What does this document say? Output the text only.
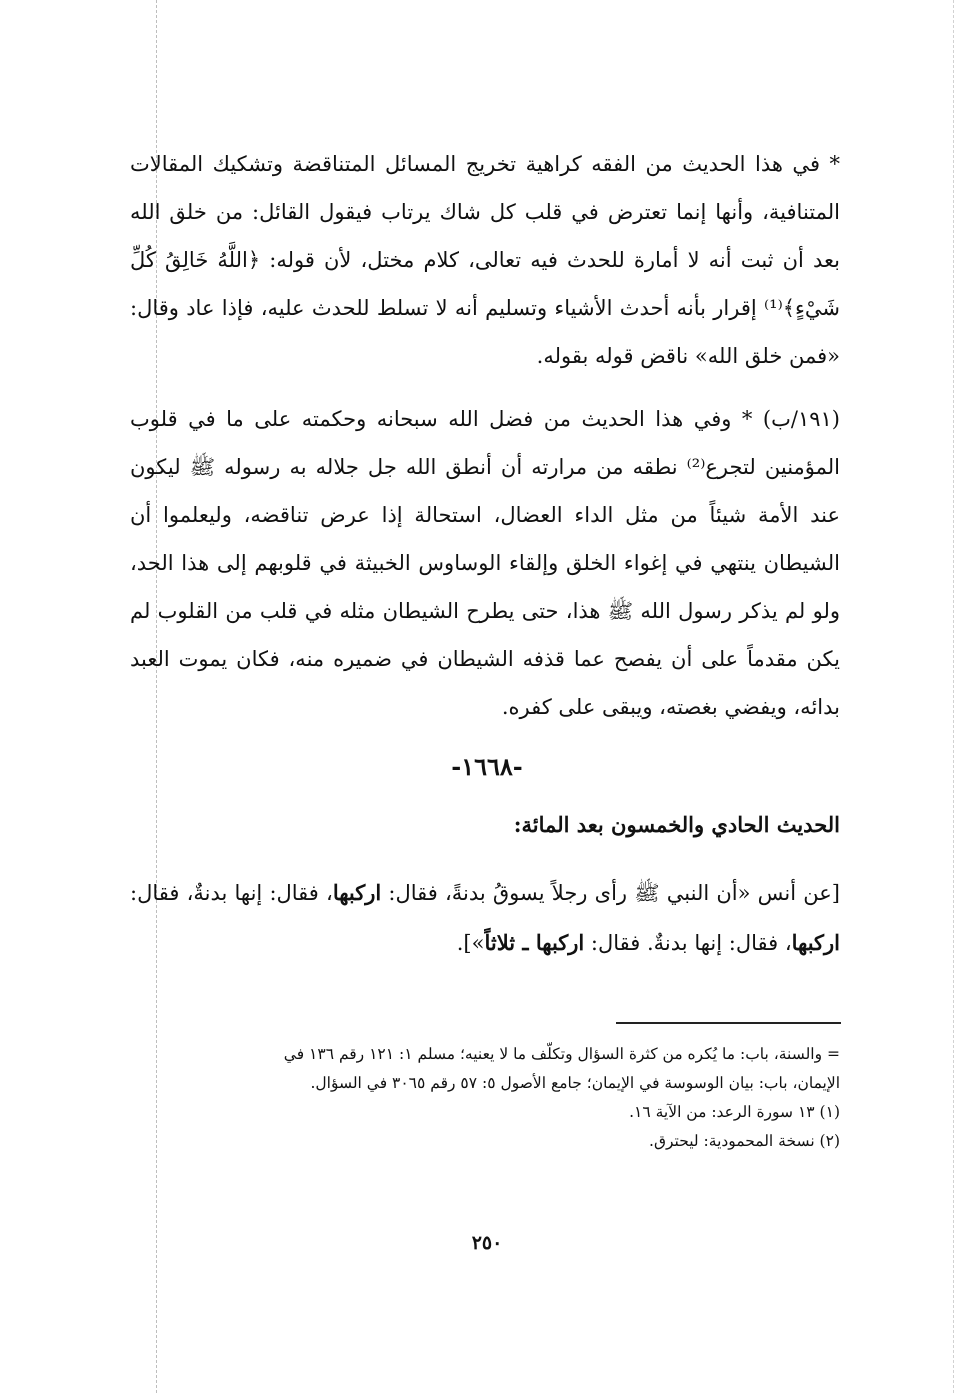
* في هذا الحديث من الفقه كراهية تخريج المسائل المتناقضة وتشكيك المقالات المتنافية، وأنها إنما تعترض في قلب كل شاك يرتاب فيقول القائل: من خلق الله بعد أن ثبت أنه لا أمارة للحدث فيه تعالى، كلام مختل، لأن قوله: ﴿اللَّهُ خَالِقُ كُلِّ شَيْءٍ﴾⁽¹⁾ إقرار بأنه أحدث الأشياء وتسليم أنه لا تسلط للحدث عليه، فإذا عاد وقال: «فمن خلق الله» ناقض قوله بقوله.
(١٩١/ب) * وفي هذا الحديث من فضل الله سبحانه وحكمته على ما في قلوب المؤمنين لتجرع⁽²⁾ نطقه من مرارته أن أنطق الله جل جلاله به رسوله ﷺ ليكون عند الأمة شيئاً من مثل الداء العضال، استحالة إذا عرض تناقضه، وليعلموا أن الشيطان ينتهي في إغواء الخلق وإلقاء الوساوس الخبيثة في قلوبهم إلى هذا الحد، ولو لم يذكر رسول الله ﷺ هذا، حتى يطرح الشيطان مثله في قلب من القلوب لم يكن مقدماً على أن يفصح عما قذفه الشيطان في ضميره منه، فكان يموت العبد بدائه، ويفضي بغصته، ويبقى على كفره.
-١٦٦٨-
الحديث الحادي والخمسون بعد المائة:
[عن أنس «أن النبي ﷺ رأى رجلاً يسوقُ بدنةً، فقال: اركبها، فقال: إنها بدنةٌ، فقال: اركبها، فقال: إنها بدنةٌ. فقال: اركبها ـ ثلاثاً»].
= والسنة، باب: ما يُكره من كثرة السؤال وتكلّف ما لا يعنيه؛ مسلم ١: ١٢١ رقم ١٣٦ في
الإيمان، باب: بيان الوسوسة في الإيمان؛ جامع الأصول ٥: ٥٧ رقم ٣٠٦٥ في السؤال.
(١) ١٣ سورة الرعد: من الآية ١٦.
(٢) نسخة المحمودية: ليحترق.
٢٥٠
